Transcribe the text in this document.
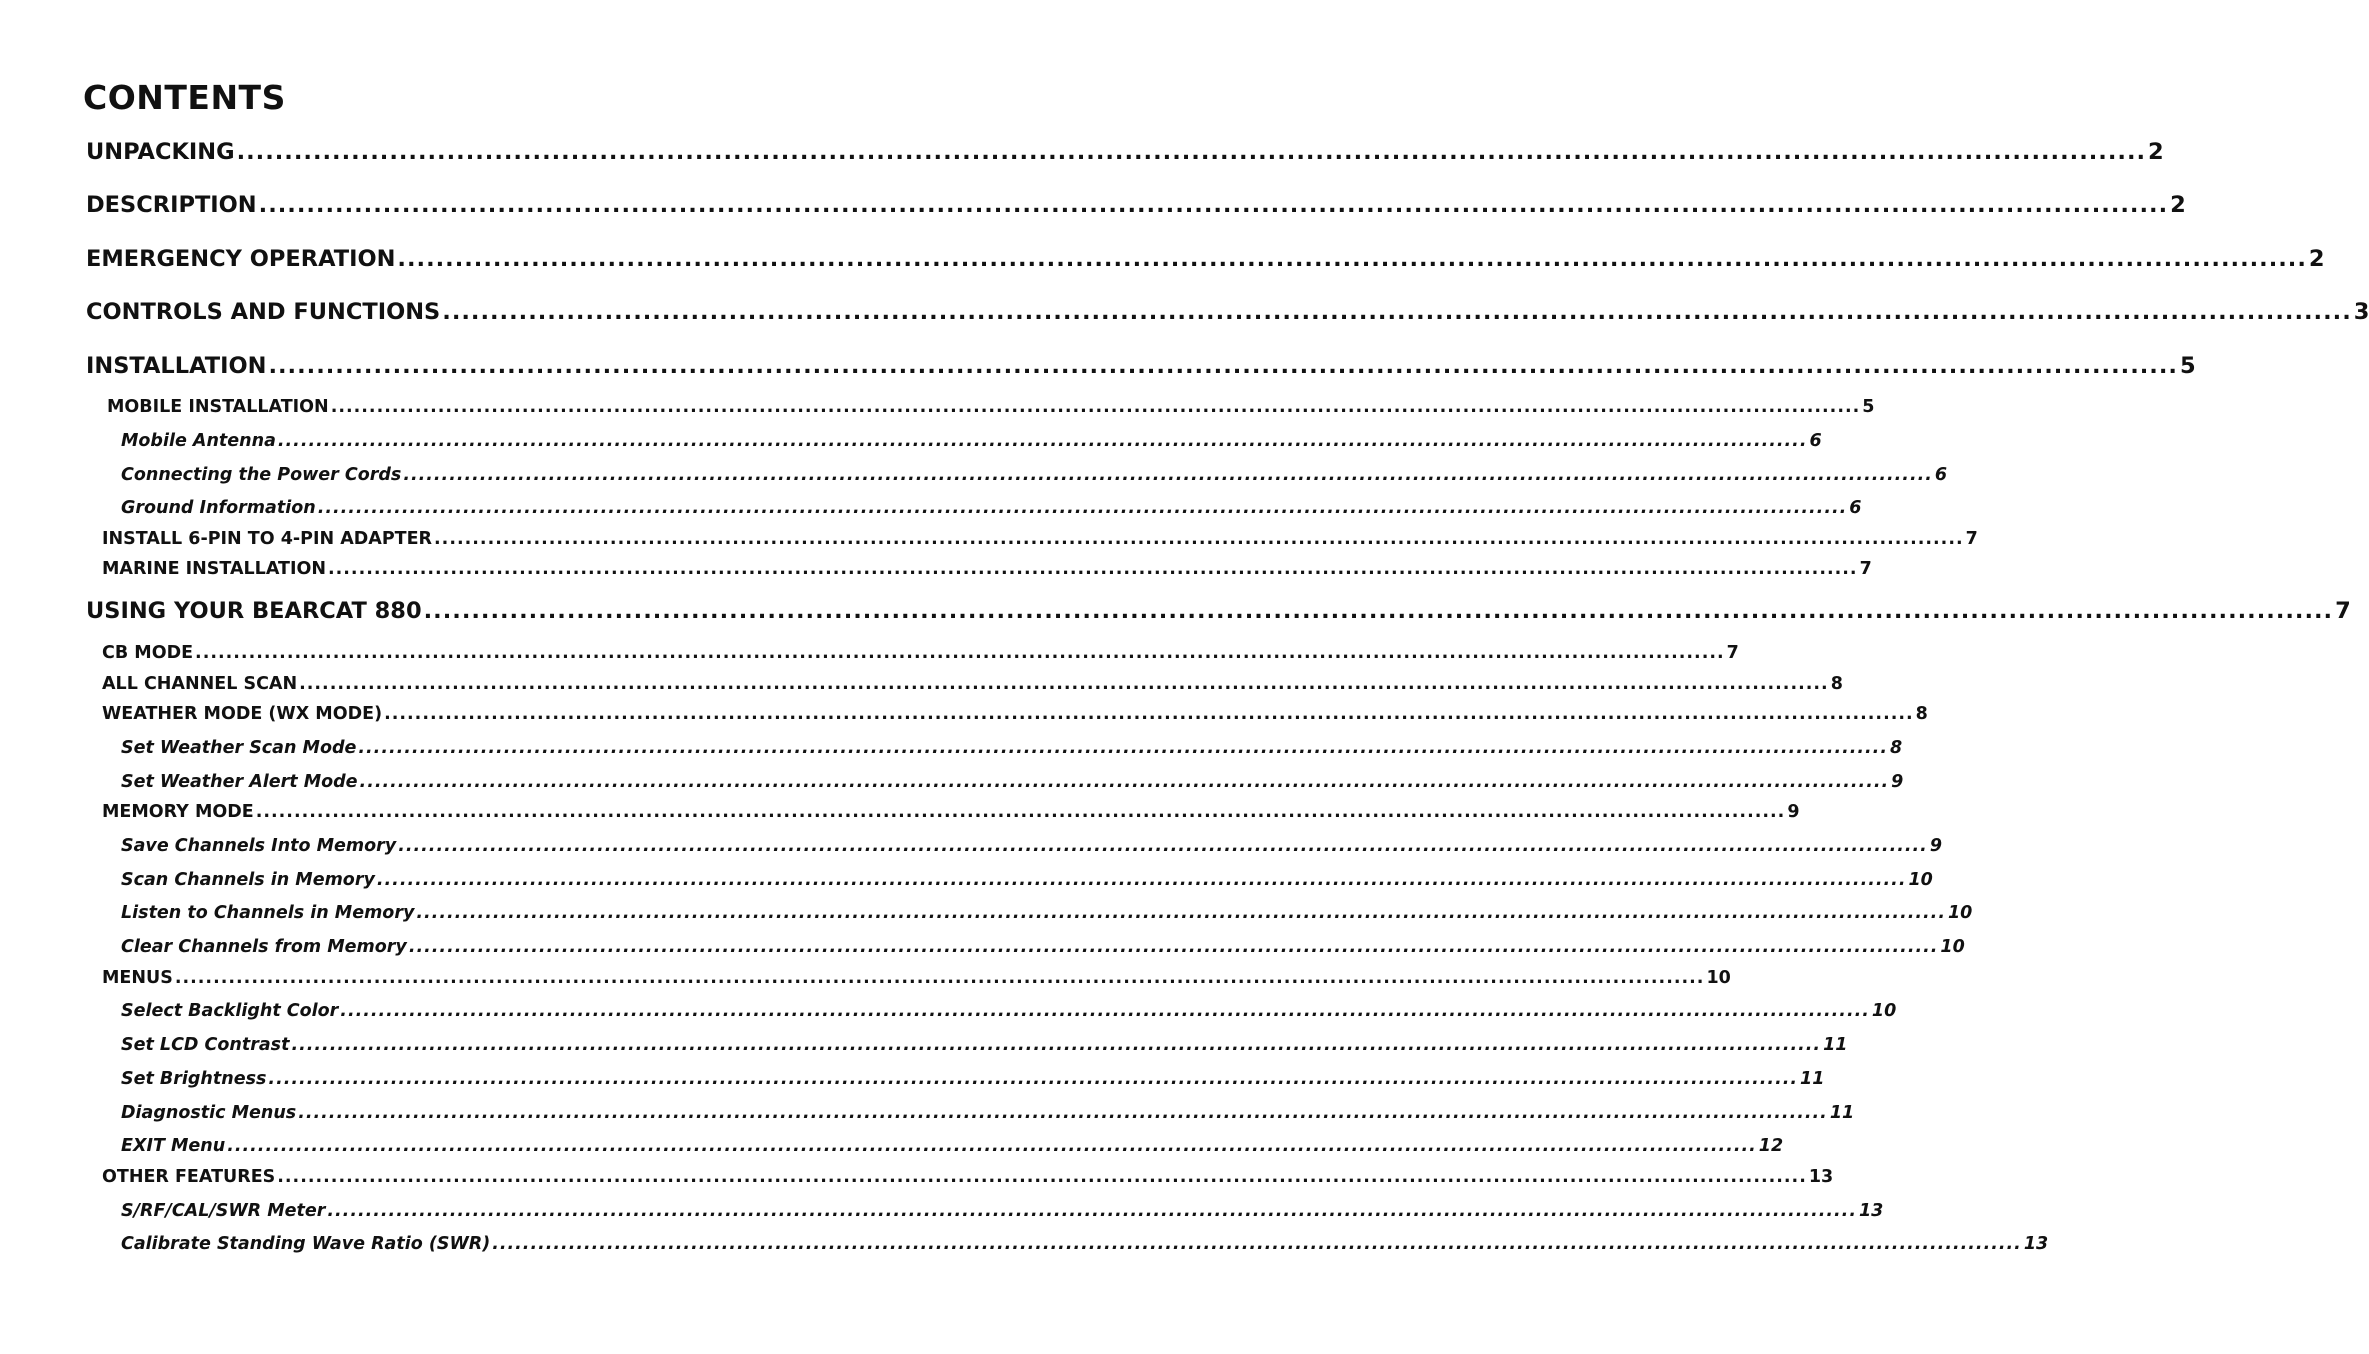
CONTENTS
UNPACKING ........................................................................................................................................................................................................ 2
DESCRIPTION ........................................................................................................................................................................................................ 2
EMERGENCY OPERATION ........................................................................................................................................................................................................ 2
CONTROLS AND FUNCTIONS ........................................................................................................................................................................................................ 3
INSTALLATION ........................................................................................................................................................................................................ 5
MOBILE INSTALLATION ........................................................................................................................................................................................................ 5
Mobile Antenna ........................................................................................................................................................................................................ 6
Connecting the Power Cords ........................................................................................................................................................................................................ 6
Ground Information ........................................................................................................................................................................................................ 6
INSTALL 6-PIN TO 4-PIN ADAPTER ........................................................................................................................................................................................................ 7
MARINE INSTALLATION ........................................................................................................................................................................................................ 7
USING YOUR BEARCAT 880 ........................................................................................................................................................................................................ 7
CB MODE ........................................................................................................................................................................................................ 7
ALL CHANNEL SCAN ........................................................................................................................................................................................................ 8
WEATHER MODE (WX MODE) ........................................................................................................................................................................................................ 8
Set Weather Scan Mode ........................................................................................................................................................................................................ 8
Set Weather Alert Mode ........................................................................................................................................................................................................ 9
MEMORY MODE ........................................................................................................................................................................................................ 9
Save Channels Into Memory ........................................................................................................................................................................................................ 9
Scan Channels in Memory ........................................................................................................................................................................................................ 10
Listen to Channels in Memory ........................................................................................................................................................................................................ 10
Clear Channels from Memory ........................................................................................................................................................................................................ 10
MENUS ........................................................................................................................................................................................................ 10
Select Backlight Color ........................................................................................................................................................................................................ 10
Set LCD Contrast ........................................................................................................................................................................................................ 11
Set Brightness ........................................................................................................................................................................................................ 11
Diagnostic Menus ........................................................................................................................................................................................................ 11
EXIT Menu ........................................................................................................................................................................................................ 12
OTHER FEATURES ........................................................................................................................................................................................................ 13
S/RF/CAL/SWR Meter ........................................................................................................................................................................................................ 13
Calibrate Standing Wave Ratio (SWR) ........................................................................................................................................................................................................ 13
